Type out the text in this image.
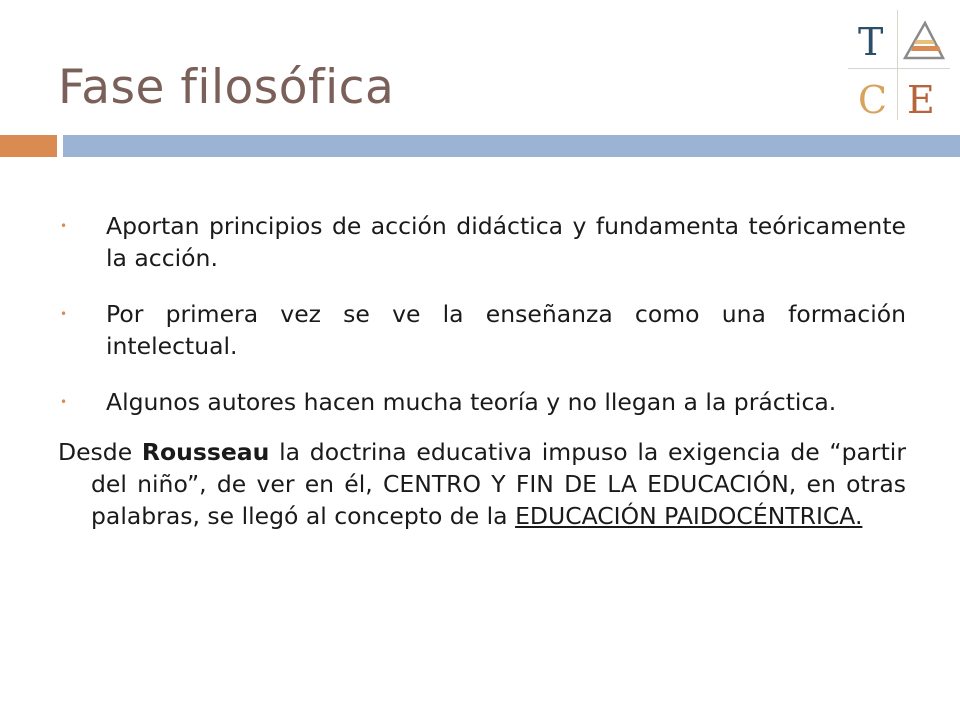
Fase filosófica
T
C E
• Aportan principios de acción didáctica y fundamenta teóricamente la acción.
• Por primera vez se ve la enseñanza como una formación intelectual.
• Algunos autores hacen mucha teoría y no llegan a la práctica.
Desde Rousseau la doctrina educativa impuso la exigencia de “partir del niño”, de ver en él, CENTRO Y FIN DE LA EDUCACIÓN, en otras palabras, se llegó al concepto de la EDUCACIÓN PAIDOCÉNTRICA.
